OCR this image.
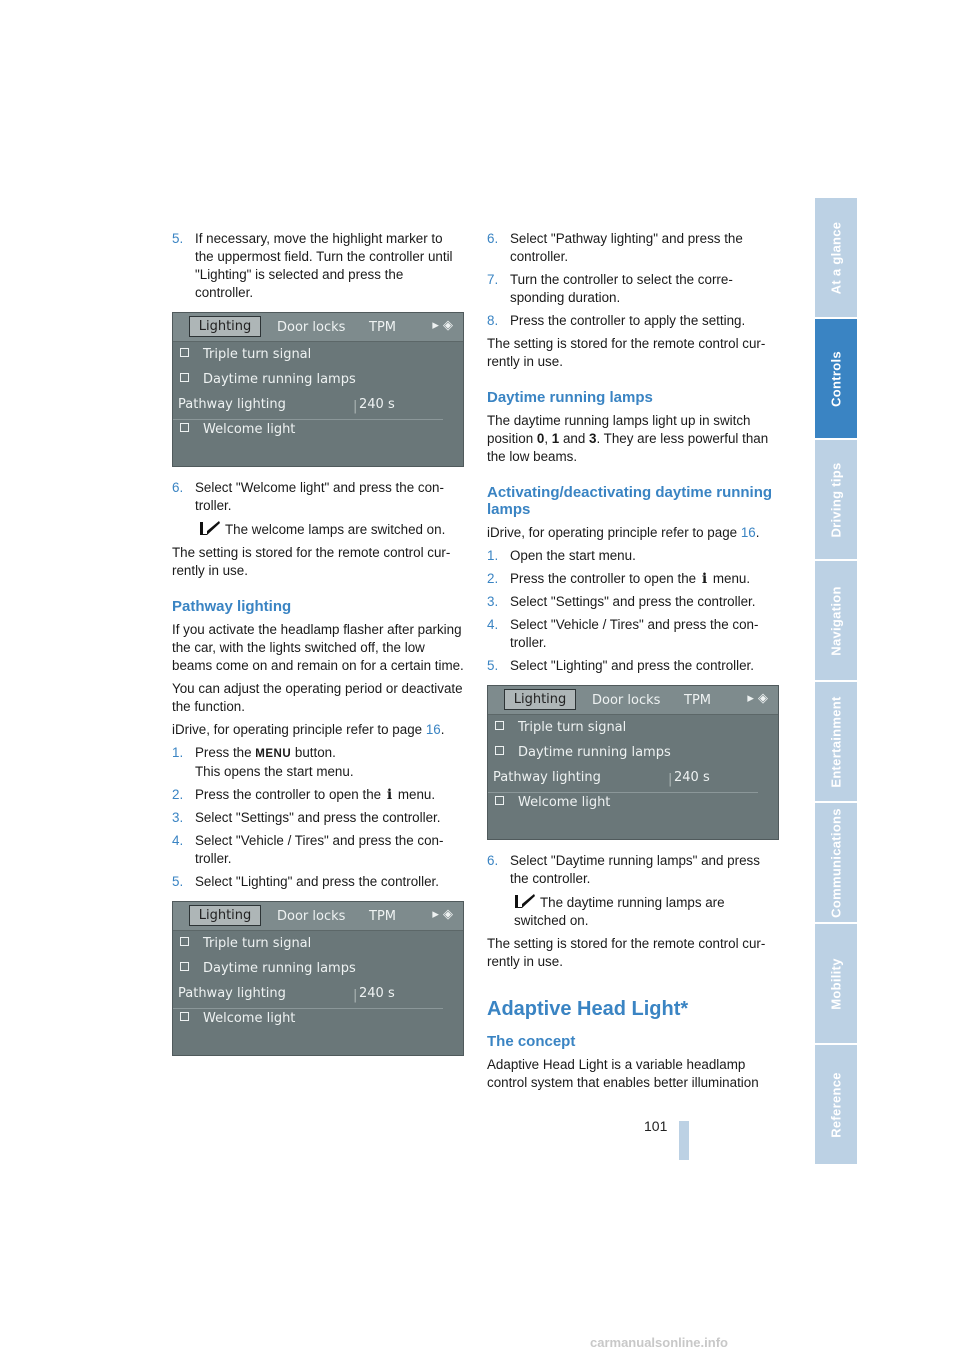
5. If necessary, move the highlight marker to the uppermost field. Turn the controller until "Lighting" is selected and press the controller.
Lighting	Door locks TPM	▸ ◈
Triple turn signal
Daytime running lamps
Pathway lighting	| 240 s
Welcome light
6. Select "Welcome light" and press the controller.

The welcome lamps are switched on.

The setting is stored for the remote control currently in use.

Pathway lighting

If you activate the headlamp flasher after parking the car, with the lights switched off, the low beams come on and remain on for a certain time.

You can adjust the operating period or deactivate the function.

iDrive, for operating principle refer to page 16.

1. Press the MENU button.
This opens the start menu.
2. Press the controller to open the i menu.
3. Select "Settings" and press the controller.
4. Select "Vehicle / Tires" and press the controller.
5. Select "Lighting" and press the controller.
Lighting	Door locks TPM	▸ ◈
Triple turn signal
Daytime running lamps
Pathway lighting	| 240 s
Welcome light
6. Select "Pathway lighting" and press the controller.
7. Turn the controller to select the corresponding duration.
8. Press the controller to apply the setting.

The setting is stored for the remote control currently in use.

Daytime running lamps

The daytime running lamps light up in switch position 0, 1 and 3. They are less powerful than the low beams.

Activating/deactivating daytime running lamps

iDrive, for operating principle refer to page 16.

1. Open the start menu.
2. Press the controller to open the i menu.
3. Select "Settings" and press the controller.
4. Select "Vehicle / Tires" and press the controller.
5. Select "Lighting" and press the controller.
Lighting	Door locks TPM	▸ ◈
Triple turn signal
Daytime running lamps
Pathway lighting	| 240 s
Welcome light
6. Select "Daytime running lamps" and press the controller.

The daytime running lamps are switched on.

The setting is stored for the remote control currently in use.

Adaptive Head Light*
The concept

Adaptive Head Light is a variable headlamp control system that enables better illumination

At a glance
Controls
Driving tips
Navigation
Entertainment
Communications
Mobility
Reference
101
carmanualsonline.info
